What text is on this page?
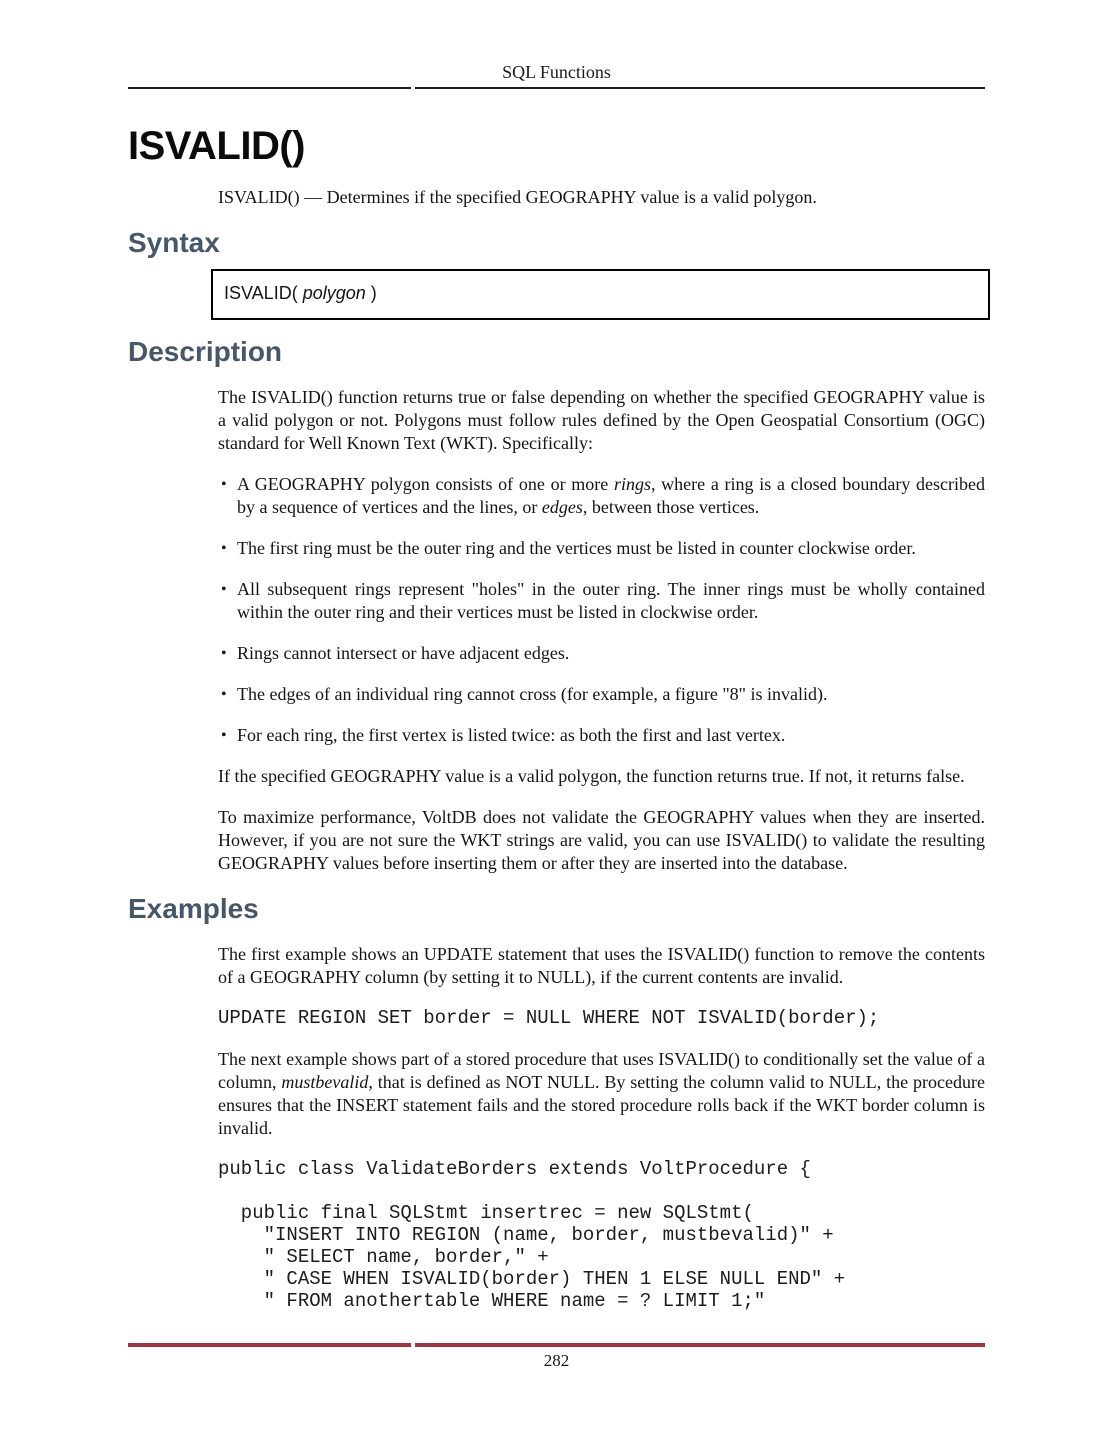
SQL Functions
ISVALID()

ISVALID() — Determines if the specified GEOGRAPHY value is a valid polygon.

Syntax
ISVALID( polygon )
Description

The ISVALID() function returns true or false depending on whether the specified GEOGRAPHY value is a valid polygon or not. Polygons must follow rules defined by the Open Geospatial Consortium (OGC) standard for Well Known Text (WKT). Specifically:

• A GEOGRAPHY polygon consists of one or more rings, where a ring is a closed boundary described by a sequence of vertices and the lines, or edges, between those vertices.
• The first ring must be the outer ring and the vertices must be listed in counter clockwise order.
• All subsequent rings represent "holes" in the outer ring. The inner rings must be wholly contained within the outer ring and their vertices must be listed in clockwise order.
• Rings cannot intersect or have adjacent edges.
• The edges of an individual ring cannot cross (for example, a figure "8" is invalid).
• For each ring, the first vertex is listed twice: as both the first and last vertex.

If the specified GEOGRAPHY value is a valid polygon, the function returns true. If not, it returns false.

To maximize performance, VoltDB does not validate the GEOGRAPHY values when they are inserted. However, if you are not sure the WKT strings are valid, you can use ISVALID() to validate the resulting GEOGRAPHY values before inserting them or after they are inserted into the database.

Examples

The first example shows an UPDATE statement that uses the ISVALID() function to remove the contents of a GEOGRAPHY column (by setting it to NULL), if the current contents are invalid.

UPDATE REGION SET border = NULL WHERE NOT ISVALID(border);

The next example shows part of a stored procedure that uses ISVALID() to conditionally set the value of a column, mustbevalid, that is defined as NOT NULL. By setting the column valid to NULL, the procedure ensures that the INSERT statement fails and the stored procedure rolls back if the WKT border column is invalid.

public class ValidateBorders extends VoltProcedure {
public final SQLStmt insertrec = new SQLStmt(
"INSERT INTO REGION (name, border, mustbevalid)" +
" SELECT name, border," +
" CASE WHEN ISVALID(border) THEN 1 ELSE NULL END" +
" FROM anothertable WHERE name = ? LIMIT 1;"
282
